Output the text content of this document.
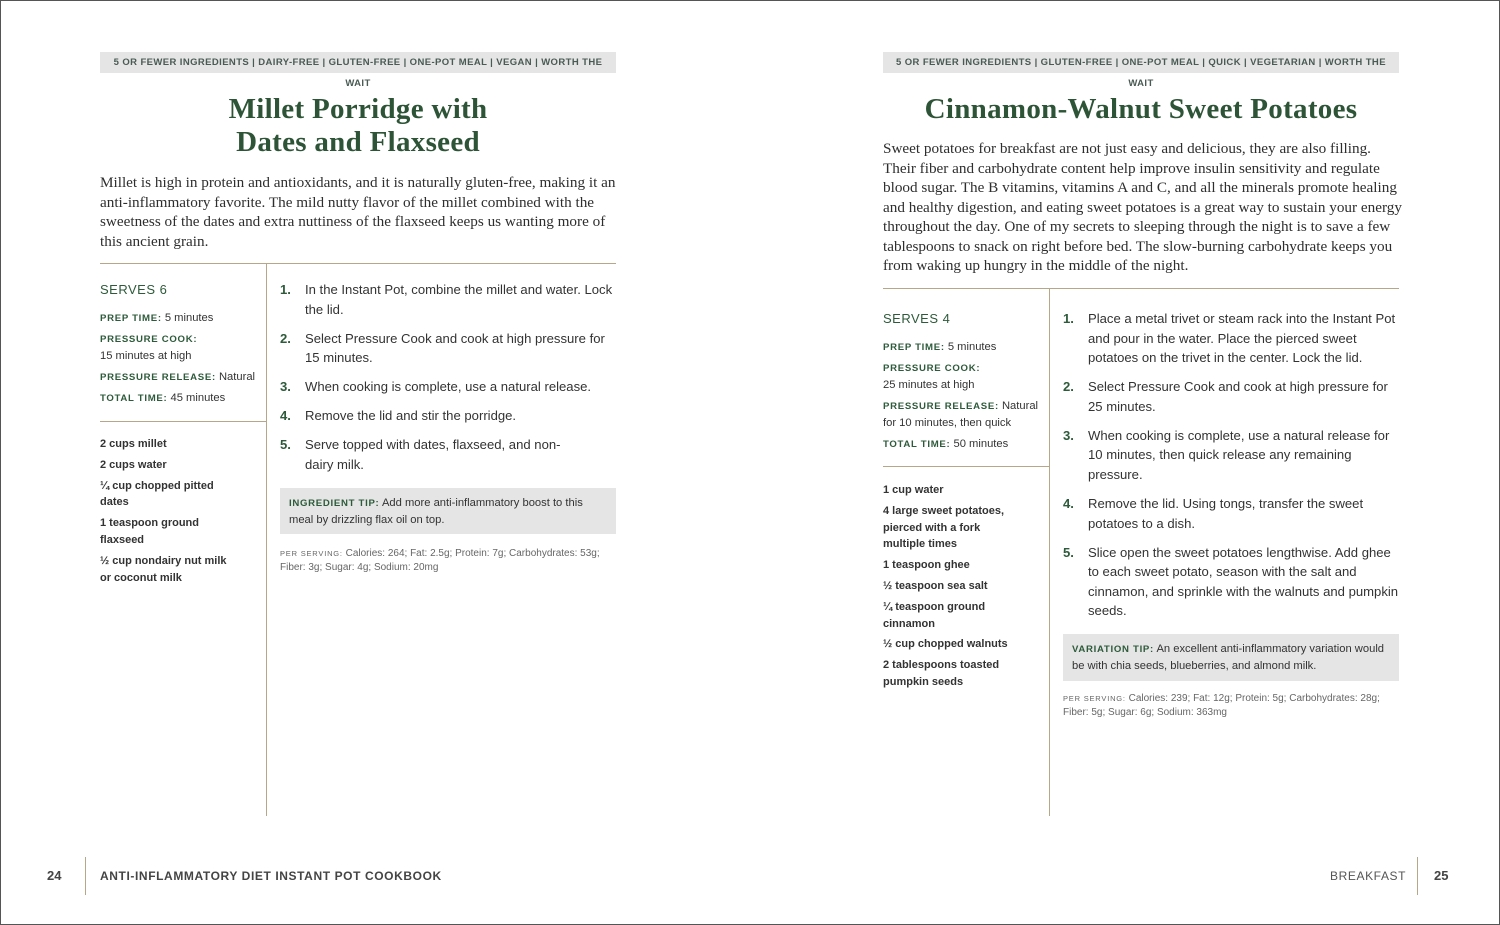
5 OR FEWER INGREDIENTS | DAIRY-FREE | GLUTEN-FREE | ONE-POT MEAL | VEGAN | WORTH THE WAIT
Millet Porridge with
Dates and Flaxseed
Millet is high in protein and antioxidants, and it is naturally gluten-free, making it an anti-inflammatory favorite. The mild nutty flavor of the millet combined with the sweetness of the dates and extra nuttiness of the flaxseed keeps us wanting more of this ancient grain.
SERVES 6
PREP TIME: 5 minutes
PRESSURE COOK:
15 minutes at high
PRESSURE RELEASE: Natural
TOTAL TIME: 45 minutes
2 cups millet
2 cups water
¼ cup chopped pitted dates
1 teaspoon ground flaxseed
½ cup nondairy nut milk or coconut milk
1. In the Instant Pot, combine the millet and water. Lock the lid.
2. Select Pressure Cook and cook at high pressure for 15 minutes.
3. When cooking is complete, use a natural release.
4. Remove the lid and stir the porridge.
5. Serve topped with dates, flaxseed, and non-dairy milk.
INGREDIENT TIP: Add more anti-inflammatory boost to this meal by drizzling flax oil on top.
PER SERVING: Calories: 264; Fat: 2.5g; Protein: 7g; Carbohydrates: 53g; Fiber: 3g; Sugar: 4g; Sodium: 20mg
24	ANTI-INFLAMMATORY DIET INSTANT POT COOKBOOK
5 OR FEWER INGREDIENTS | GLUTEN-FREE | ONE-POT MEAL | QUICK | VEGETARIAN | WORTH THE WAIT
Cinnamon-Walnut Sweet Potatoes
Sweet potatoes for breakfast are not just easy and delicious, they are also filling. Their fiber and carbohydrate content help improve insulin sensitivity and regulate blood sugar. The B vitamins, vitamins A and C, and all the minerals promote healing and healthy digestion, and eating sweet potatoes is a great way to sustain your energy throughout the day. One of my secrets to sleeping through the night is to save a few tablespoons to snack on right before bed. The slow-burning carbohydrate keeps you from waking up hungry in the middle of the night.
SERVES 4
PREP TIME: 5 minutes
PRESSURE COOK:
25 minutes at high
PRESSURE RELEASE: Natural for 10 minutes, then quick
TOTAL TIME: 50 minutes
1 cup water
4 large sweet potatoes, pierced with a fork multiple times
1 teaspoon ghee
½ teaspoon sea salt
¼ teaspoon ground cinnamon
½ cup chopped walnuts
2 tablespoons toasted pumpkin seeds
1. Place a metal trivet or steam rack into the Instant Pot and pour in the water. Place the pierced sweet potatoes on the trivet in the center. Lock the lid.
2. Select Pressure Cook and cook at high pressure for 25 minutes.
3. When cooking is complete, use a natural release for 10 minutes, then quick release any remaining pressure.
4. Remove the lid. Using tongs, transfer the sweet potatoes to a dish.
5. Slice open the sweet potatoes lengthwise. Add ghee to each sweet potato, season with the salt and cinnamon, and sprinkle with the walnuts and pumpkin seeds.
VARIATION TIP: An excellent anti-inflammatory variation would be with chia seeds, blueberries, and almond milk.
PER SERVING: Calories: 239; Fat: 12g; Protein: 5g; Carbohydrates: 28g; Fiber: 5g; Sugar: 6g; Sodium: 363mg
BREAKFAST 25
